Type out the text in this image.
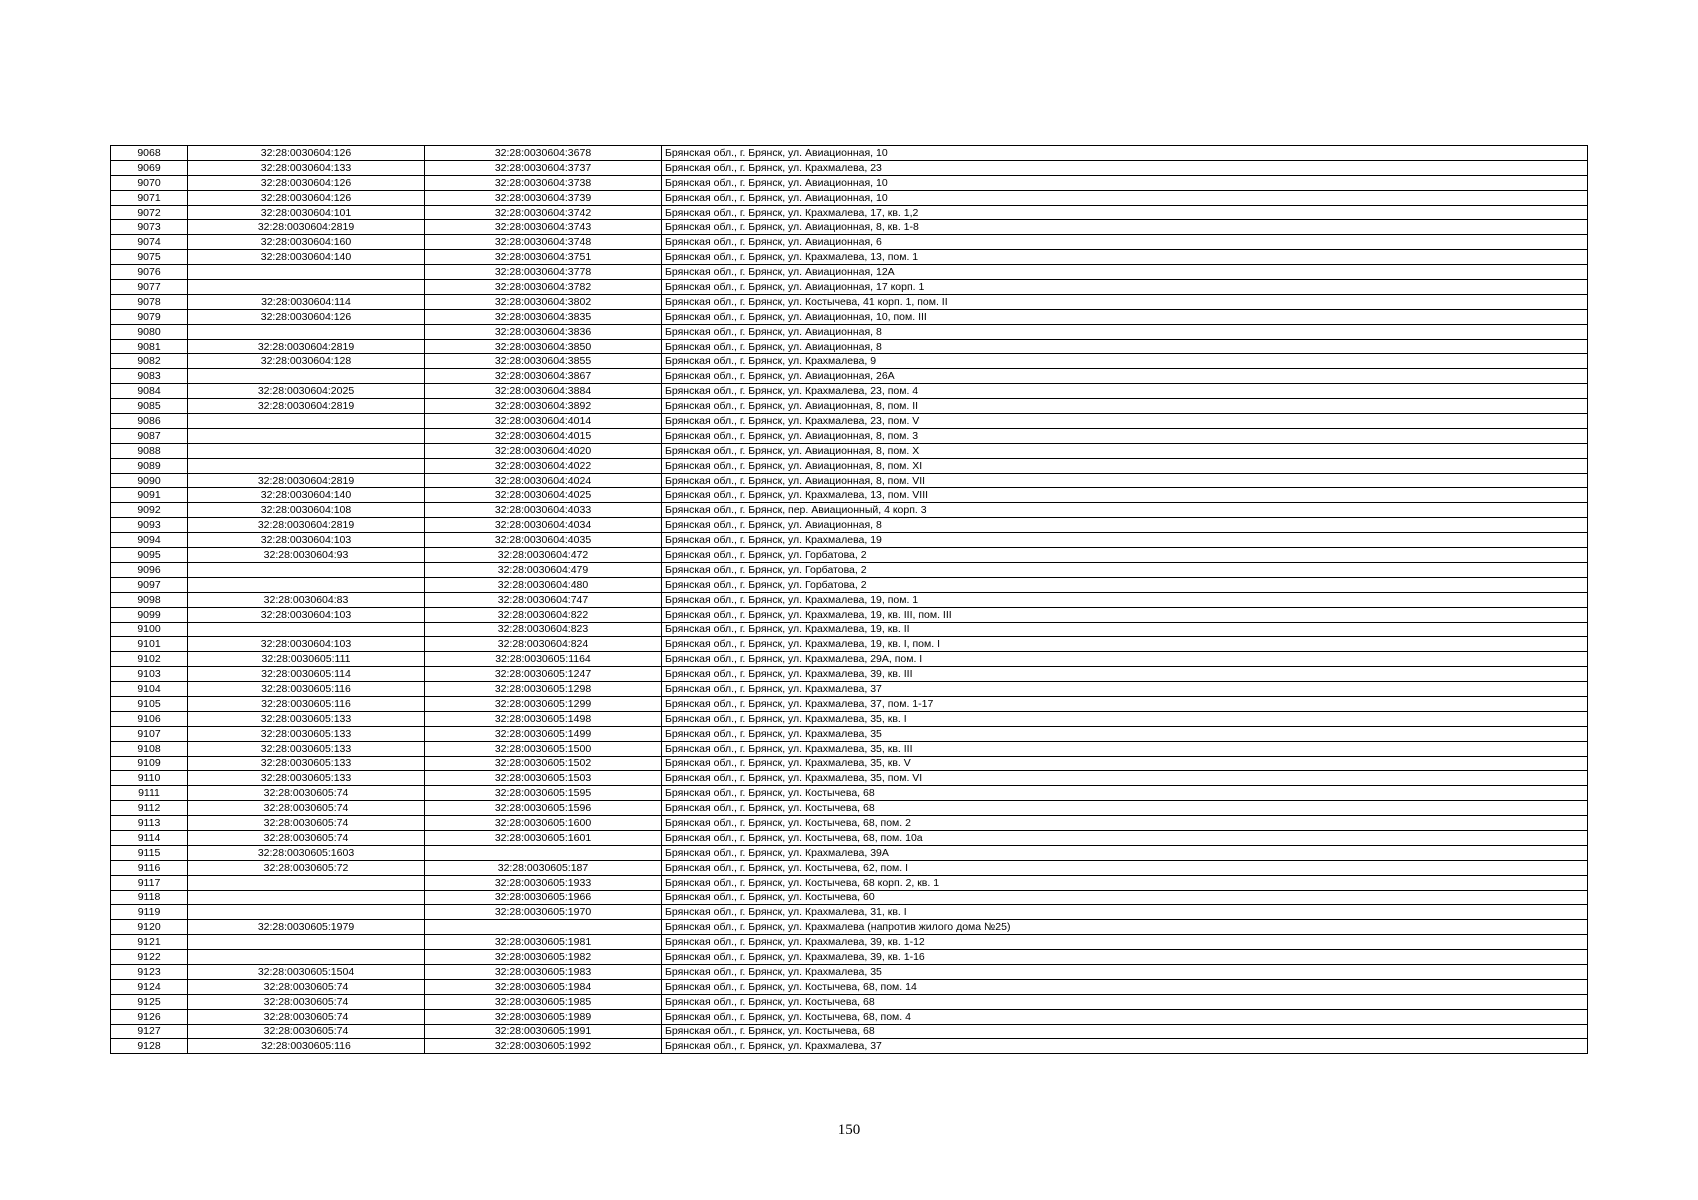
9068	32:28:0030604:126	32:28:0030604:3678	Брянская обл., г. Брянск, ул. Авиационная, 10
9069	32:28:0030604:133	32:28:0030604:3737	Брянская обл., г. Брянск, ул. Крахмалева, 23
9070	32:28:0030604:126	32:28:0030604:3738	Брянская обл., г. Брянск, ул. Авиационная, 10
9071	32:28:0030604:126	32:28:0030604:3739	Брянская обл., г. Брянск, ул. Авиационная, 10
9072	32:28:0030604:101	32:28:0030604:3742	Брянская обл., г. Брянск, ул. Крахмалева, 17, кв. 1,2
9073	32:28:0030604:2819	32:28:0030604:3743	Брянская обл., г. Брянск, ул. Авиационная, 8, кв. 1-8
9074	32:28:0030604:160	32:28:0030604:3748	Брянская обл., г. Брянск, ул. Авиационная, 6
9075	32:28:0030604:140	32:28:0030604:3751	Брянская обл., г. Брянск, ул. Крахмалева, 13, пом. 1
9076		32:28:0030604:3778	Брянская обл., г. Брянск, ул. Авиационная, 12А
9077		32:28:0030604:3782	Брянская обл., г. Брянск, ул. Авиационная, 17 корп. 1
9078	32:28:0030604:114	32:28:0030604:3802	Брянская обл., г. Брянск, ул. Костычева, 41 корп. 1, пом. II
9079	32:28:0030604:126	32:28:0030604:3835	Брянская обл., г. Брянск, ул. Авиационная, 10, пом. III
9080		32:28:0030604:3836	Брянская обл., г. Брянск, ул. Авиационная, 8
9081	32:28:0030604:2819	32:28:0030604:3850	Брянская обл., г. Брянск, ул. Авиационная, 8
9082	32:28:0030604:128	32:28:0030604:3855	Брянская обл., г. Брянск, ул. Крахмалева, 9
9083		32:28:0030604:3867	Брянская обл., г. Брянск, ул. Авиационная, 26А
9084	32:28:0030604:2025	32:28:0030604:3884	Брянская обл., г. Брянск, ул. Крахмалева, 23, пом. 4
9085	32:28:0030604:2819	32:28:0030604:3892	Брянская обл., г. Брянск, ул. Авиационная, 8, пом. II
9086		32:28:0030604:4014	Брянская обл., г. Брянск, ул. Крахмалева, 23, пом. V
9087		32:28:0030604:4015	Брянская обл., г. Брянск, ул. Авиационная, 8, пом. 3
9088		32:28:0030604:4020	Брянская обл., г. Брянск, ул. Авиационная, 8, пом. X
9089		32:28:0030604:4022	Брянская обл., г. Брянск, ул. Авиационная, 8, пом. XI
9090	32:28:0030604:2819	32:28:0030604:4024	Брянская обл., г. Брянск, ул. Авиационная, 8, пом. VII
9091	32:28:0030604:140	32:28:0030604:4025	Брянская обл., г. Брянск, ул. Крахмалева, 13, пом. VIII
9092	32:28:0030604:108	32:28:0030604:4033	Брянская обл., г. Брянск, пер. Авиационный, 4 корп. 3
9093	32:28:0030604:2819	32:28:0030604:4034	Брянская обл., г. Брянск, ул. Авиационная, 8
9094	32:28:0030604:103	32:28:0030604:4035	Брянская обл., г. Брянск, ул. Крахмалева, 19
9095	32:28:0030604:93	32:28:0030604:472	Брянская обл., г. Брянск, ул. Горбатова, 2
9096		32:28:0030604:479	Брянская обл., г. Брянск, ул. Горбатова, 2
9097		32:28:0030604:480	Брянская обл., г. Брянск, ул. Горбатова, 2
9098	32:28:0030604:83	32:28:0030604:747	Брянская обл., г. Брянск, ул. Крахмалева, 19, пом. 1
9099	32:28:0030604:103	32:28:0030604:822	Брянская обл., г. Брянск, ул. Крахмалева, 19, кв. III, пом. III
9100		32:28:0030604:823	Брянская обл., г. Брянск, ул. Крахмалева, 19, кв. II
9101	32:28:0030604:103	32:28:0030604:824	Брянская обл., г. Брянск, ул. Крахмалева, 19, кв. I, пом. I
9102	32:28:0030605:111	32:28:0030605:1164	Брянская обл., г. Брянск, ул. Крахмалева, 29А, пом. I
9103	32:28:0030605:114	32:28:0030605:1247	Брянская обл., г. Брянск, ул. Крахмалева, 39, кв. III
9104	32:28:0030605:116	32:28:0030605:1298	Брянская обл., г. Брянск, ул. Крахмалева, 37
9105	32:28:0030605:116	32:28:0030605:1299	Брянская обл., г. Брянск, ул. Крахмалева, 37, пом. 1-17
9106	32:28:0030605:133	32:28:0030605:1498	Брянская обл., г. Брянск, ул. Крахмалева, 35, кв. I
9107	32:28:0030605:133	32:28:0030605:1499	Брянская обл., г. Брянск, ул. Крахмалева, 35
9108	32:28:0030605:133	32:28:0030605:1500	Брянская обл., г. Брянск, ул. Крахмалева, 35, кв. III
9109	32:28:0030605:133	32:28:0030605:1502	Брянская обл., г. Брянск, ул. Крахмалева, 35, кв. V
9110	32:28:0030605:133	32:28:0030605:1503	Брянская обл., г. Брянск, ул. Крахмалева, 35, пом. VI
9111	32:28:0030605:74	32:28:0030605:1595	Брянская обл., г. Брянск, ул. Костычева, 68
9112	32:28:0030605:74	32:28:0030605:1596	Брянская обл., г. Брянск, ул. Костычева, 68
9113	32:28:0030605:74	32:28:0030605:1600	Брянская обл., г. Брянск, ул. Костычева, 68, пом. 2
9114	32:28:0030605:74	32:28:0030605:1601	Брянская обл., г. Брянск, ул. Костычева, 68, пом. 10а
9115	32:28:0030605:1603		Брянская обл., г. Брянск, ул. Крахмалева, 39А
9116	32:28:0030605:72	32:28:0030605:187	Брянская обл., г. Брянск, ул. Костычева, 62, пом. I
9117		32:28:0030605:1933	Брянская обл., г. Брянск, ул. Костычева, 68 корп. 2, кв. 1
9118		32:28:0030605:1966	Брянская обл., г. Брянск, ул. Костычева, 60
9119		32:28:0030605:1970	Брянская обл., г. Брянск, ул. Крахмалева, 31, кв. I
9120	32:28:0030605:1979		Брянская обл., г. Брянск, ул. Крахмалева (напротив жилого дома №25)
9121		32:28:0030605:1981	Брянская обл., г. Брянск, ул. Крахмалева, 39, кв. 1-12
9122		32:28:0030605:1982	Брянская обл., г. Брянск, ул. Крахмалева, 39, кв. 1-16
9123	32:28:0030605:1504	32:28:0030605:1983	Брянская обл., г. Брянск, ул. Крахмалева, 35
9124	32:28:0030605:74	32:28:0030605:1984	Брянская обл., г. Брянск, ул. Костычева, 68, пом. 14
9125	32:28:0030605:74	32:28:0030605:1985	Брянская обл., г. Брянск, ул. Костычева, 68
9126	32:28:0030605:74	32:28:0030605:1989	Брянская обл., г. Брянск, ул. Костычева, 68, пом. 4
9127	32:28:0030605:74	32:28:0030605:1991	Брянская обл., г. Брянск, ул. Костычева, 68
9128	32:28:0030605:116	32:28:0030605:1992	Брянская обл., г. Брянск, ул. Крахмалева, 37
150
